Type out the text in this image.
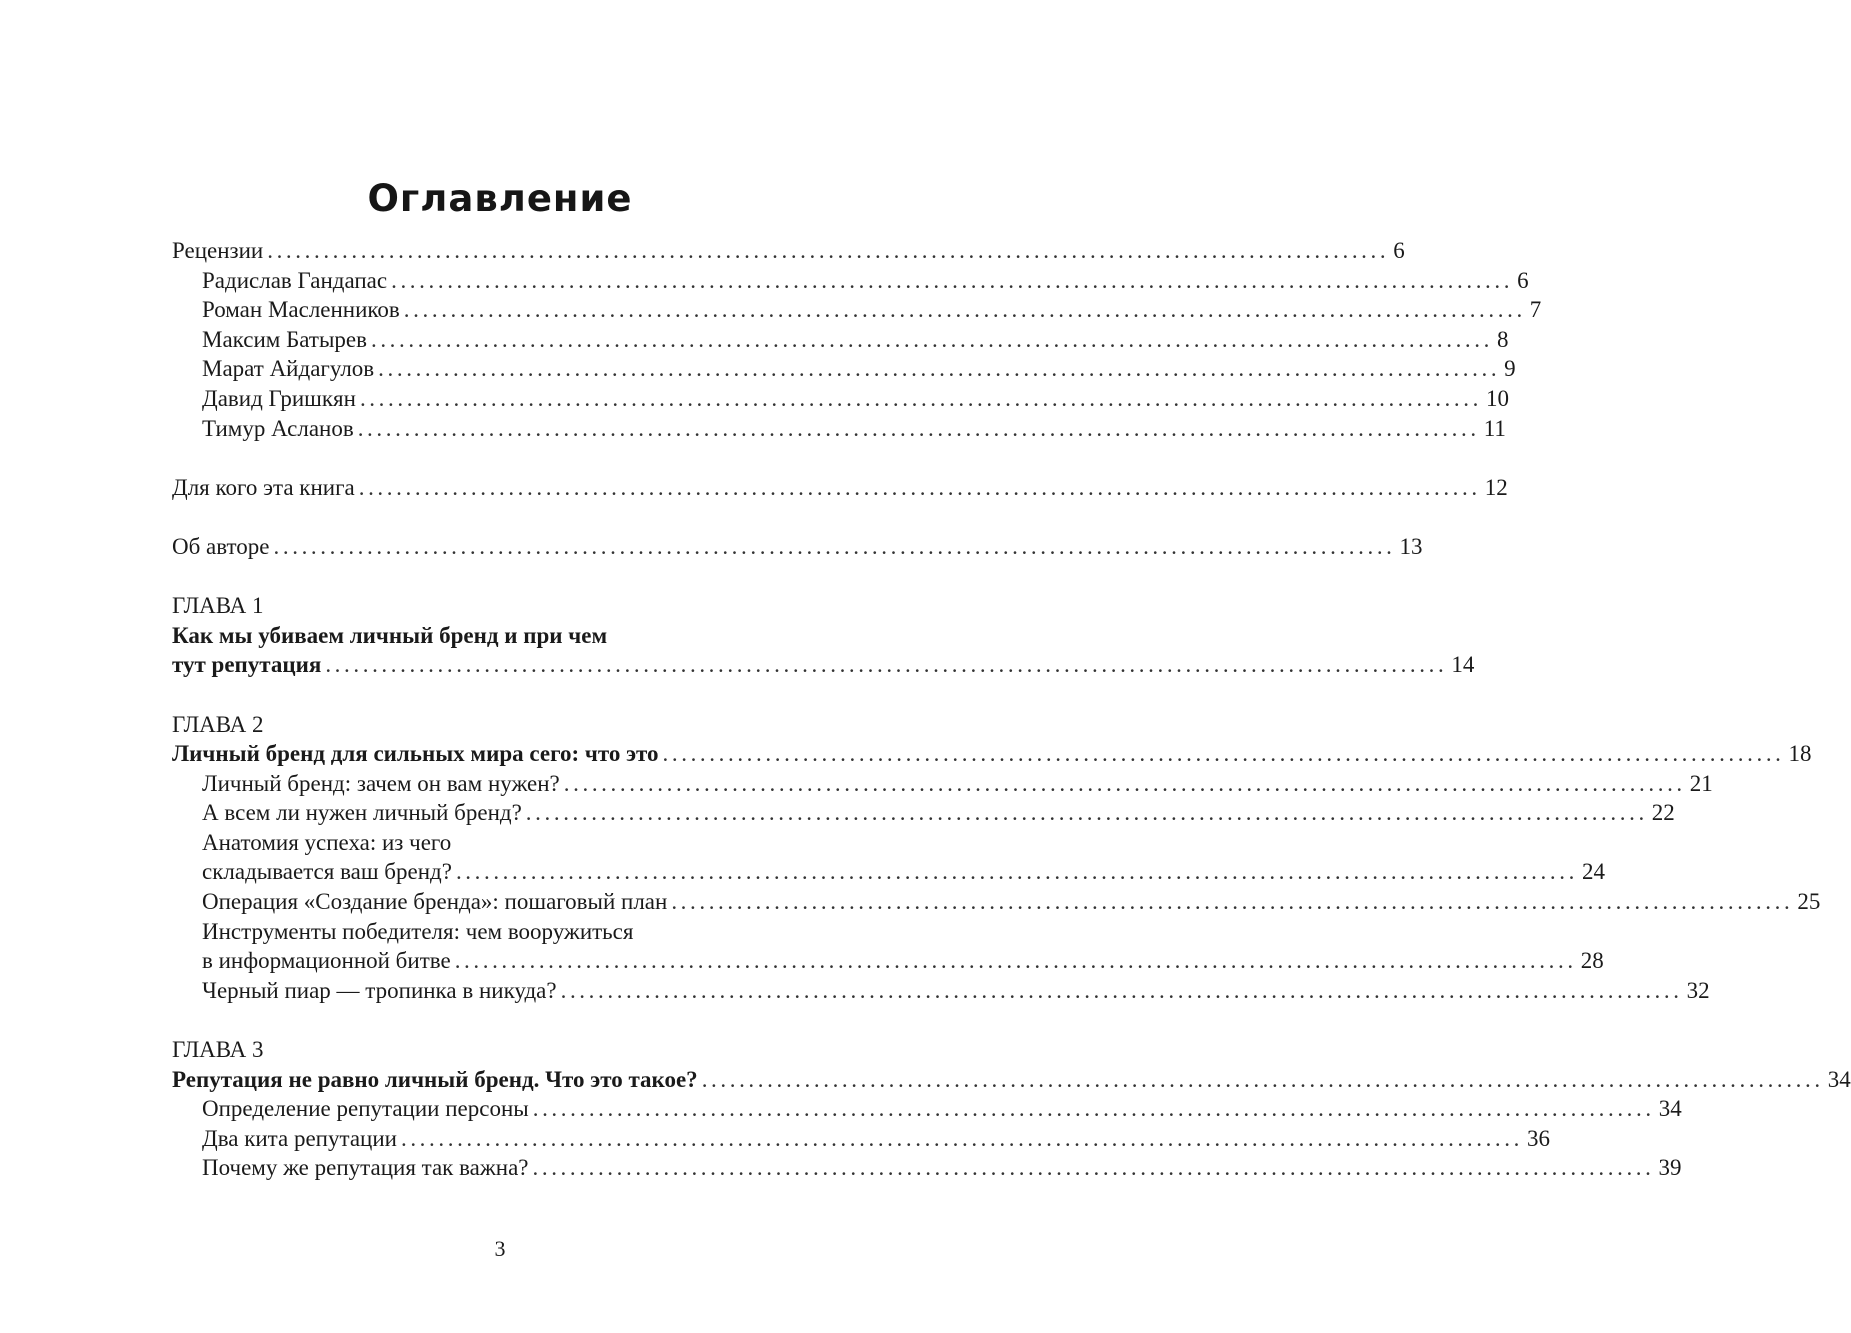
Оглавление
Рецензии ........................................................................................................................ 6
Радислав Гандапас ........................................................................................................................ 6
Роман Масленников ........................................................................................................................ 7
Максим Батырев ........................................................................................................................ 8
Марат Айдагулов ........................................................................................................................ 9
Давид Гришкян ........................................................................................................................ 10
Тимур Асланов ........................................................................................................................ 11
Для кого эта книга ........................................................................................................................ 12
Об авторе ........................................................................................................................ 13
ГЛАВА 1
Как мы убиваем личный бренд и при чем
тут репутация ........................................................................................................................ 14
ГЛАВА 2
Личный бренд для сильных мира сего: что это ........................................................................................................................ 18
Личный бренд: зачем он вам нужен? ........................................................................................................................ 21
А всем ли нужен личный бренд? ........................................................................................................................ 22
Анатомия успеха: из чего
складывается ваш бренд? ........................................................................................................................ 24
Операция «Создание бренда»: пошаговый план ........................................................................................................................ 25
Инструменты победителя: чем вооружиться
в информационной битве ........................................................................................................................ 28
Черный пиар — тропинка в никуда? ........................................................................................................................ 32
ГЛАВА 3
Репутация не равно личный бренд. Что это такое? ........................................................................................................................ 34
Определение репутации персоны ........................................................................................................................ 34
Два кита репутации ........................................................................................................................ 36
Почему же репутация так важна? ........................................................................................................................ 39
3
